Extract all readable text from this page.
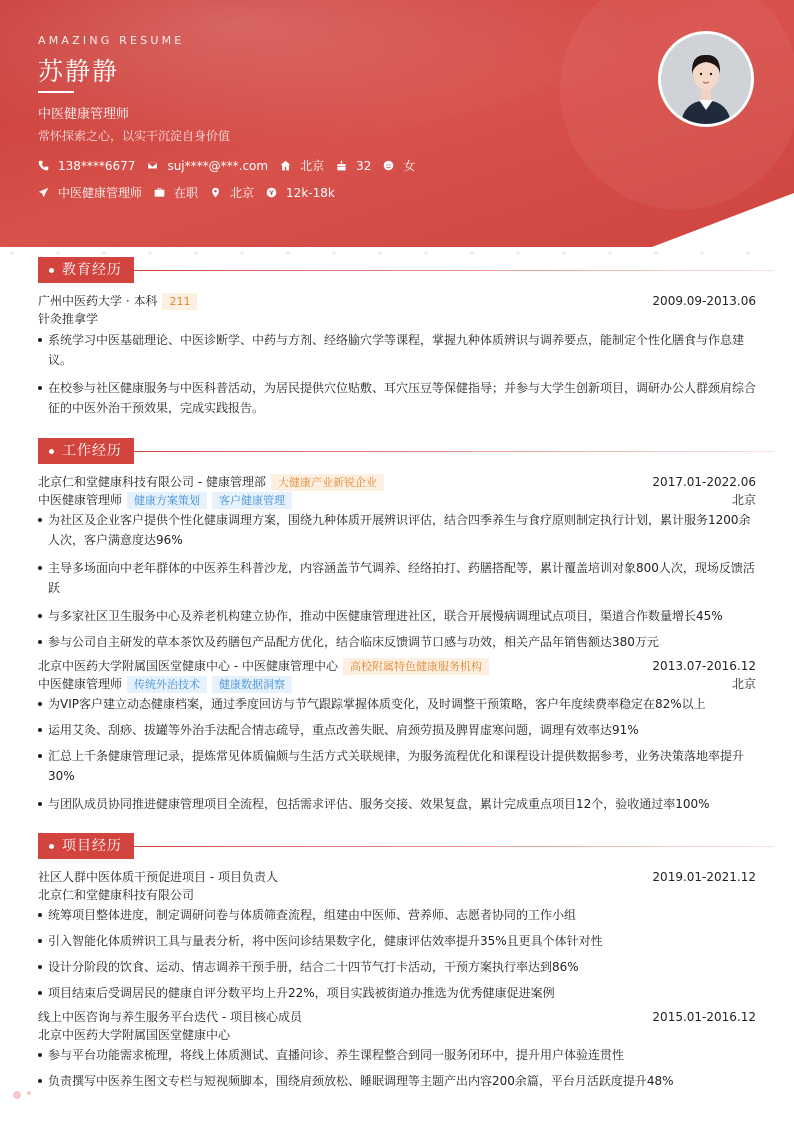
AMAZING RESUME
苏静静
中医健康管理师
常怀探索之心，以实干沉淀自身价值
138****6677	suj****@***.com	北京	32	女
中医健康管理师	在职	北京	12k-18k
教育经历
广州中医药大学 · 本科	211	2009.09-2013.06
针灸推拿学
系统学习中医基础理论、中医诊断学、中药与方剂、经络腧穴学等课程，掌握九种体质辨识与调养要点，能制定个性化膳食与作息建议。
在校参与社区健康服务与中医科普活动，为居民提供穴位贴敷、耳穴压豆等保健指导；并参与大学生创新项目，调研办公人群颈肩综合征的中医外治干预效果，完成实践报告。
工作经历
北京仁和堂健康科技有限公司 - 健康管理部	大健康产业新锐企业	2017.01-2022.06
中医健康管理师	健康方案策划	客户健康管理	北京
为社区及企业客户提供个性化健康调理方案，围绕九种体质开展辨识评估，结合四季养生与食疗原则制定执行计划，累计服务1200余人次，客户满意度达96%
主导多场面向中老年群体的中医养生科普沙龙，内容涵盖节气调养、经络拍打、药膳搭配等，累计覆盖培训对象800人次，现场反馈活跃
与多家社区卫生服务中心及养老机构建立协作，推动中医健康管理进社区，联合开展慢病调理试点项目，渠道合作数量增长45%
参与公司自主研发的草本茶饮及药膳包产品配方优化，结合临床反馈调节口感与功效，相关产品年销售额达380万元
北京中医药大学附属国医堂健康中心 - 中医健康管理中心	高校附属特色健康服务机构	2013.07-2016.12
中医健康管理师	传统外治技术	健康数据洞察	北京
为VIP客户建立动态健康档案，通过季度回访与节气跟踪掌握体质变化，及时调整干预策略，客户年度续费率稳定在82%以上
运用艾灸、刮痧、拔罐等外治手法配合情志疏导，重点改善失眠、肩颈劳损及脾胃虚寒问题，调理有效率达91%
汇总上千条健康管理记录，提炼常见体质偏颇与生活方式关联规律，为服务流程优化和课程设计提供数据参考，业务决策落地率提升30%
与团队成员协同推进健康管理项目全流程，包括需求评估、服务交接、效果复盘，累计完成重点项目12个，验收通过率100%
项目经历
社区人群中医体质干预促进项目 - 项目负责人	2019.01-2021.12
北京仁和堂健康科技有限公司
统筹项目整体进度，制定调研问卷与体质筛查流程，组建由中医师、营养师、志愿者协同的工作小组
引入智能化体质辨识工具与量表分析，将中医问诊结果数字化，健康评估效率提升35%且更具个体针对性
设计分阶段的饮食、运动、情志调养干预手册，结合二十四节气打卡活动，干预方案执行率达到86%
项目结束后受调居民的健康自评分数平均上升22%，项目实践被街道办推选为优秀健康促进案例
线上中医咨询与养生服务平台迭代 - 项目核心成员	2015.01-2016.12
北京中医药大学附属国医堂健康中心
参与平台功能需求梳理，将线上体质测试、直播问诊、养生课程整合到同一服务闭环中，提升用户体验连贯性
负责撰写中医养生图文专栏与短视频脚本，围绕肩颈放松、睡眠调理等主题产出内容200余篇，平台月活跃度提升48%
